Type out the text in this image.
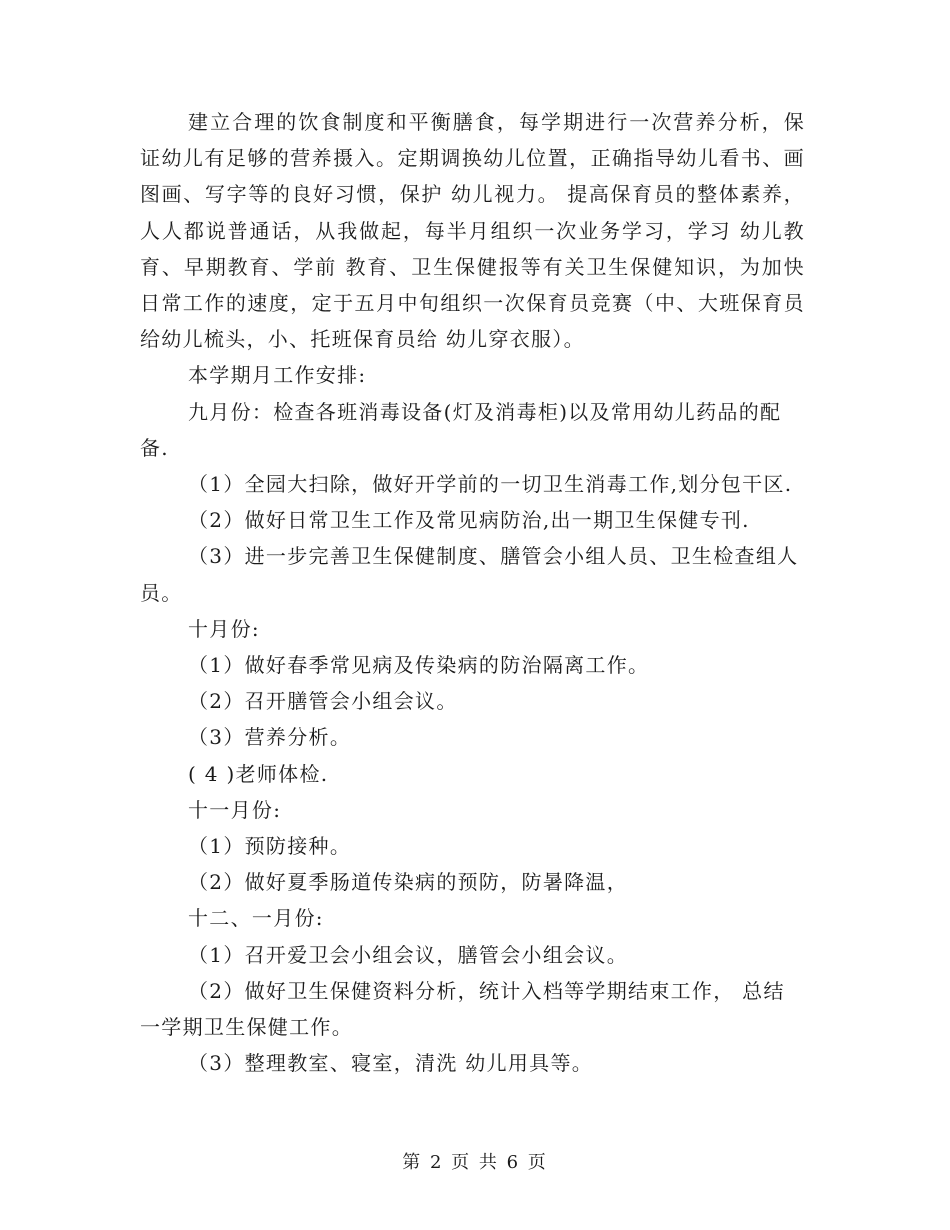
建立合理的饮食制度和平衡膳食，每学期进行一次营养分析，保证幼儿有足够的营养摄入。定期调换幼儿位置，正确指导幼儿看书、画图画、写字等的良好习惯，保护 幼儿视力。 提高保育员的整体素养，人人都说普通话，从我做起，每半月组织一次业务学习，学习 幼儿教育、早期教育、学前 教育、卫生保健报等有关卫生保健知识，为加快日常工作的速度，定于五月中旬组织一次保育员竞赛（中、大班保育员给幼儿梳头，小、托班保育员给 幼儿穿衣服）。

本学期月工作安排:

九月份：检查各班消毒设备(灯及消毒柜)以及常用幼儿药品的配备.

（1）全园大扫除，做好开学前的一切卫生消毒工作,划分包干区.

（2）做好日常卫生工作及常见病防治,出一期卫生保健专刊.

（3）进一步完善卫生保健制度、膳管会小组人员、卫生检查组人员。

十月份:

（1）做好春季常见病及传染病的防治隔离工作。

（2）召开膳管会小组会议。

（3）营养分析。

( 4 )老师体检.

十一月份:

（1）预防接种。

（2）做好夏季肠道传染病的预防，防暑降温，

十二、一月份:

（1）召开爱卫会小组会议，膳管会小组会议。

（2）做好卫生保健资料分析，统计入档等学期结束工作， 总结一学期卫生保健工作。

（3）整理教室、寝室，清洗 幼儿用具等。

第 2 页 共 6 页
